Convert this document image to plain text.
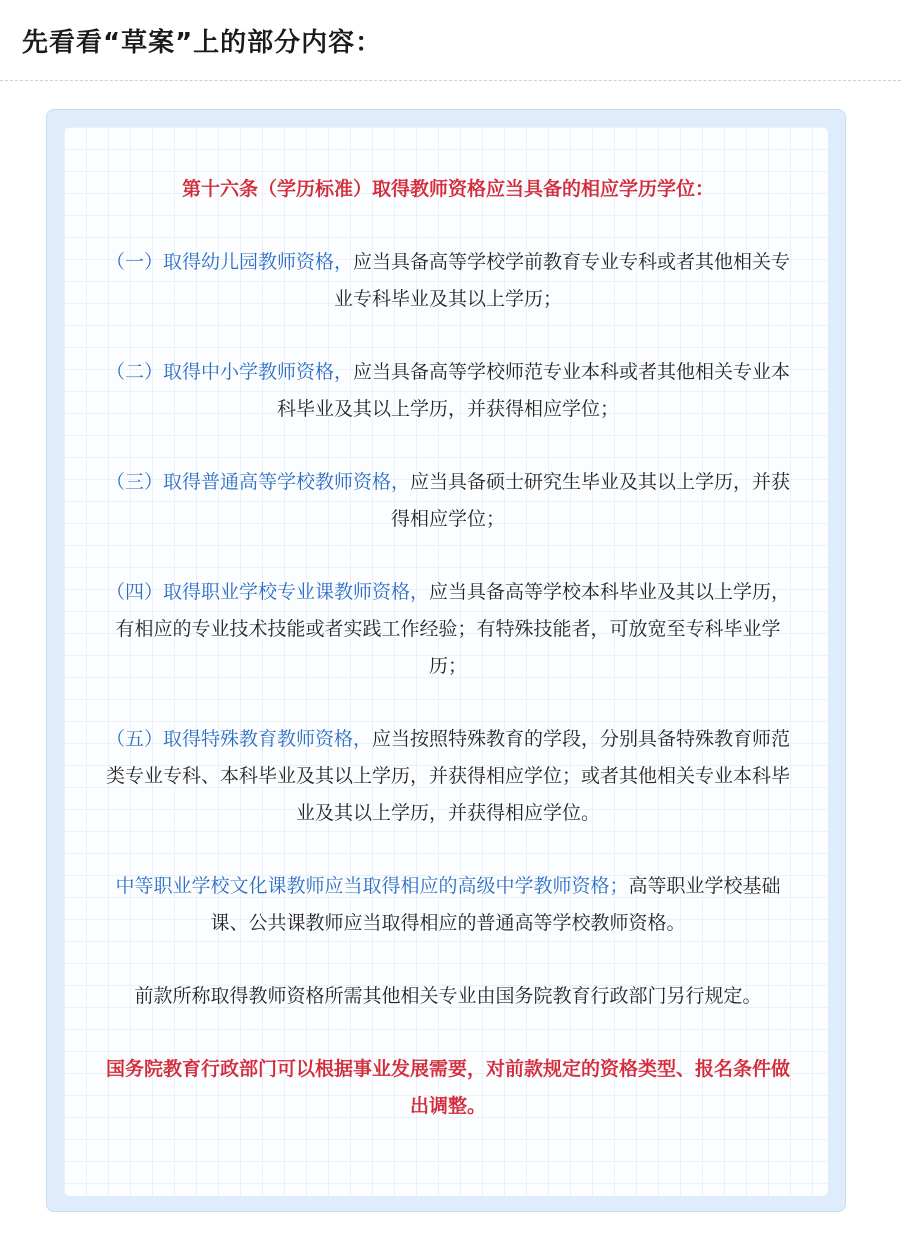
先看看“草案”上的部分内容：

第十六条（学历标准）取得教师资格应当具备的相应学历学位：

（一）取得幼儿园教师资格，应当具备高等学校学前教育专业专科或者其他相关专业专科毕业及其以上学历；

（二）取得中小学教师资格，应当具备高等学校师范专业本科或者其他相关专业本科毕业及其以上学历，并获得相应学位；

（三）取得普通高等学校教师资格，应当具备硕士研究生毕业及其以上学历，并获得相应学位；

（四）取得职业学校专业课教师资格，应当具备高等学校本科毕业及其以上学历，有相应的专业技术技能或者实践工作经验；有特殊技能者，可放宽至专科毕业学历；

（五）取得特殊教育教师资格，应当按照特殊教育的学段，分别具备特殊教育师范类专业专科、本科毕业及其以上学历，并获得相应学位；或者其他相关专业本科毕业及其以上学历，并获得相应学位。

中等职业学校文化课教师应当取得相应的高级中学教师资格；高等职业学校基础课、公共课教师应当取得相应的普通高等学校教师资格。

前款所称取得教师资格所需其他相关专业由国务院教育行政部门另行规定。

国务院教育行政部门可以根据事业发展需要，对前款规定的资格类型、报名条件做出调整。
